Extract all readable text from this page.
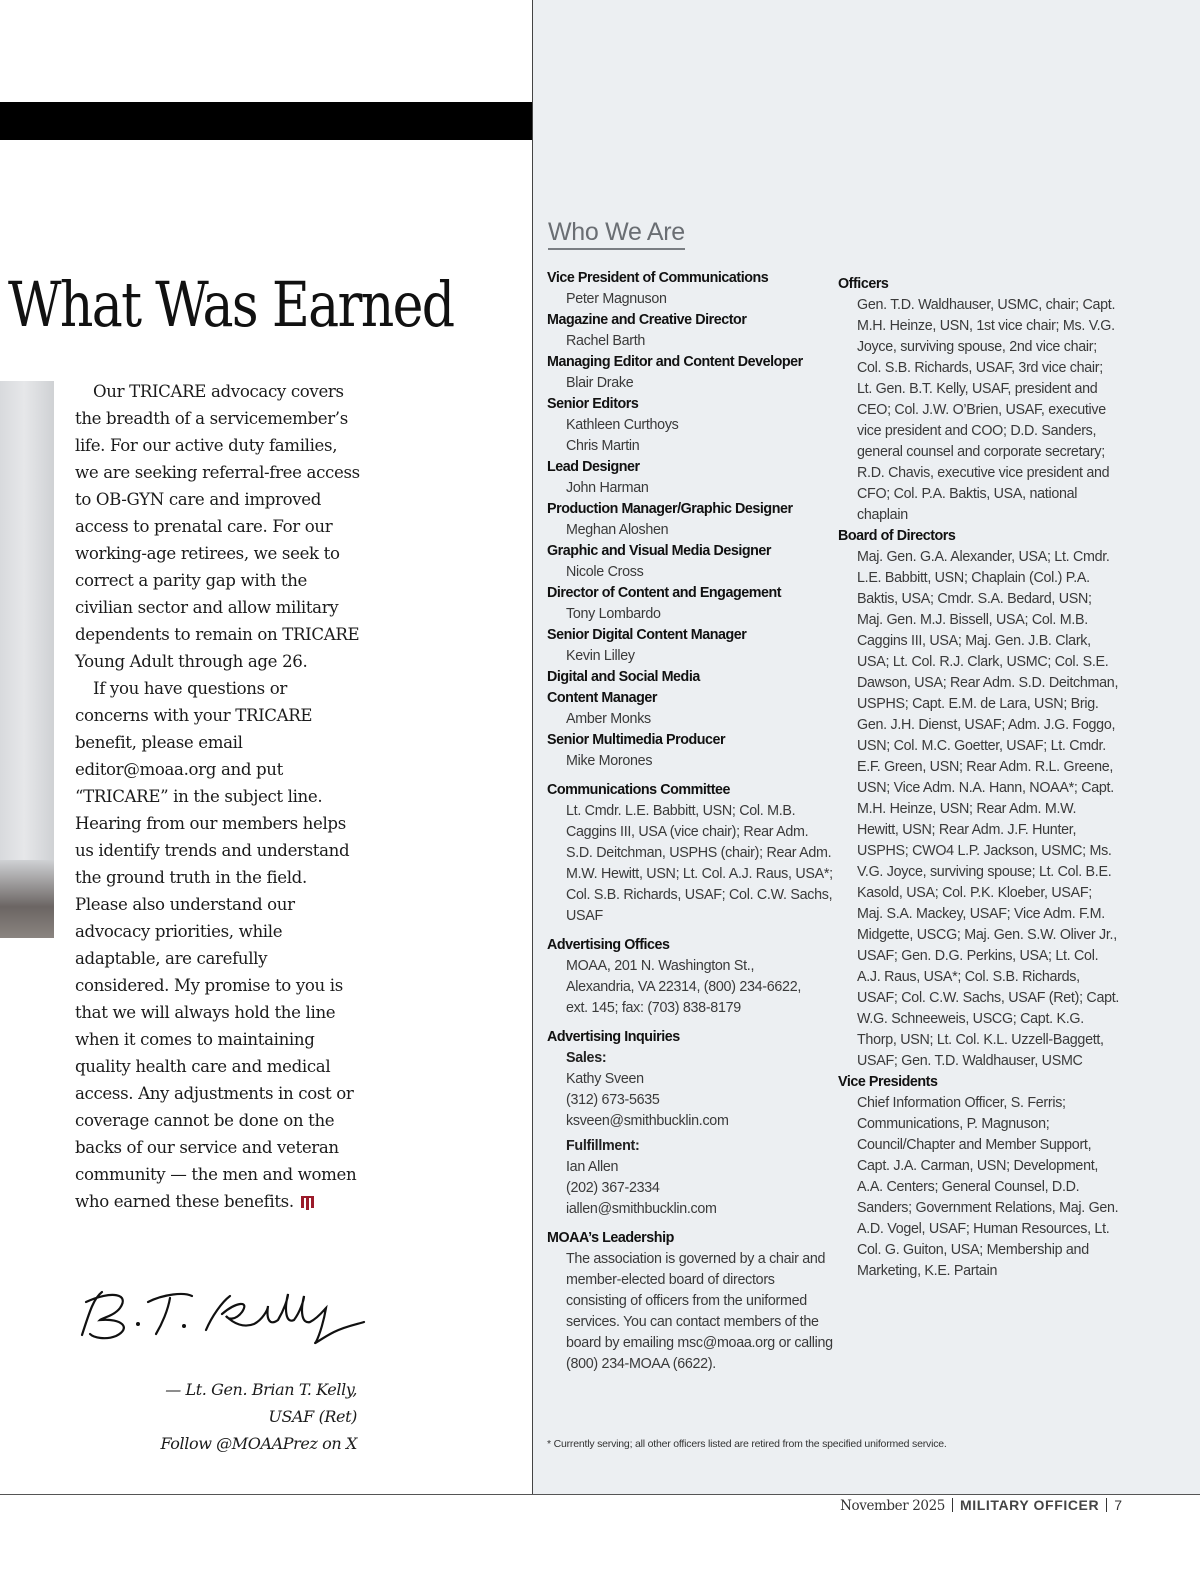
What Was Earned

Our TRICARE advocacy covers the breadth of a servicemember’s life. For our active duty families, we are seeking referral-free access to OB-GYN care and improved access to prenatal care. For our working-age retirees, we seek to correct a parity gap with the civilian sector and allow military dependents to remain on TRICARE Young Adult through age 26.

If you have questions or concerns with your TRICARE benefit, please email editor@moaa.org and put “TRICARE” in the subject line. Hearing from our members helps us identify trends and understand the ground truth in the field. Please also understand our advocacy priorities, while adaptable, are carefully considered. My promise to you is that we will always hold the line when it comes to maintaining quality health care and medical access. Any adjustments in cost or coverage cannot be done on the backs of our service and veteran community — the men and women who earned these benefits.

— Lt. Gen. Brian T. Kelly,
USAF (Ret)
Follow @MOAAPrez on X
Who We Are
Vice President of Communications
Peter Magnuson
Magazine and Creative Director
Rachel Barth
Managing Editor and Content Developer
Blair Drake
Senior Editors
Kathleen Curthoys
Chris Martin
Lead Designer
John Harman
Production Manager/Graphic Designer
Meghan Aloshen
Graphic and Visual Media Designer
Nicole Cross
Director of Content and Engagement
Tony Lombardo
Senior Digital Content Manager
Kevin Lilley
Digital and Social Media Content Manager
Amber Monks
Senior Multimedia Producer
Mike Morones
Communications Committee
Lt. Cmdr. L.E. Babbitt, USN; Col. M.B. Caggins III, USA (vice chair); Rear Adm. S.D. Deitchman, USPHS (chair); Rear Adm. M.W. Hewitt, USN; Lt. Col. A.J. Raus, USA*; Col. S.B. Richards, USAF; Col. C.W. Sachs, USAF
Advertising Offices
MOAA, 201 N. Washington St., Alexandria, VA 22314, (800) 234-6622, ext. 145; fax: (703) 838-8179
Advertising Inquiries
Sales:
Kathy Sveen
(312) 673-5635
ksveen@smithbucklin.com
Fulfillment:
Ian Allen
(202) 367-2334
iallen@smithbucklin.com
MOAA’s Leadership
The association is governed by a chair and member-elected board of directors consisting of officers from the uniformed services. You can contact members of the board by emailing msc@moaa.org or calling (800) 234-MOAA (6622).
Officers
Gen. T.D. Waldhauser, USMC, chair; Capt. M.H. Heinze, USN, 1st vice chair; Ms. V.G. Joyce, surviving spouse, 2nd vice chair; Col. S.B. Richards, USAF, 3rd vice chair; Lt. Gen. B.T. Kelly, USAF, president and CEO; Col. J.W. O’Brien, USAF, executive vice president and COO; D.D. Sanders, general counsel and corporate secretary; R.D. Chavis, executive vice president and CFO; Col. P.A. Baktis, USA, national chaplain
Board of Directors
Maj. Gen. G.A. Alexander, USA; Lt. Cmdr. L.E. Babbitt, USN; Chaplain (Col.) P.A. Baktis, USA; Cmdr. S.A. Bedard, USN; Maj. Gen. M.J. Bissell, USA; Col. M.B. Caggins III, USA; Maj. Gen. J.B. Clark, USA; Lt. Col. R.J. Clark, USMC; Col. S.E. Dawson, USA; Rear Adm. S.D. Deitchman, USPHS; Capt. E.M. de Lara, USN; Brig. Gen. J.H. Dienst, USAF; Adm. J.G. Foggo, USN; Col. M.C. Goetter, USAF; Lt. Cmdr. E.F. Green, USN; Rear Adm. R.L. Greene, USN; Vice Adm. N.A. Hann, NOAA*; Capt. M.H. Heinze, USN; Rear Adm. M.W. Hewitt, USN; Rear Adm. J.F. Hunter, USPHS; CWO4 L.P. Jackson, USMC; Ms. V.G. Joyce, surviving spouse; Lt. Col. B.E. Kasold, USA; Col. P.K. Kloeber, USAF; Maj. S.A. Mackey, USAF; Vice Adm. F.M. Midgette, USCG; Maj. Gen. S.W. Oliver Jr., USAF; Gen. D.G. Perkins, USA; Lt. Col. A.J. Raus, USA*; Col. S.B. Richards, USAF; Col. C.W. Sachs, USAF (Ret); Capt. W.G. Schneeweis, USCG; Capt. K.G. Thorp, USN; Lt. Col. K.L. Uzzell-Baggett, USAF; Gen. T.D. Waldhauser, USMC
Vice Presidents
Chief Information Officer, S. Ferris; Communications, P. Magnuson; Council/Chapter and Member Support, Capt. J.A. Carman, USN; Development, A.A. Centers; General Counsel, D.D. Sanders; Government Relations, Maj. Gen. A.D. Vogel, USAF; Human Resources, Lt. Col. G. Guiton, USA; Membership and Marketing, K.E. Partain
* Currently serving; all other officers listed are retired from the specified uniformed service.
November 2025 MILITARY OFFICER 7
